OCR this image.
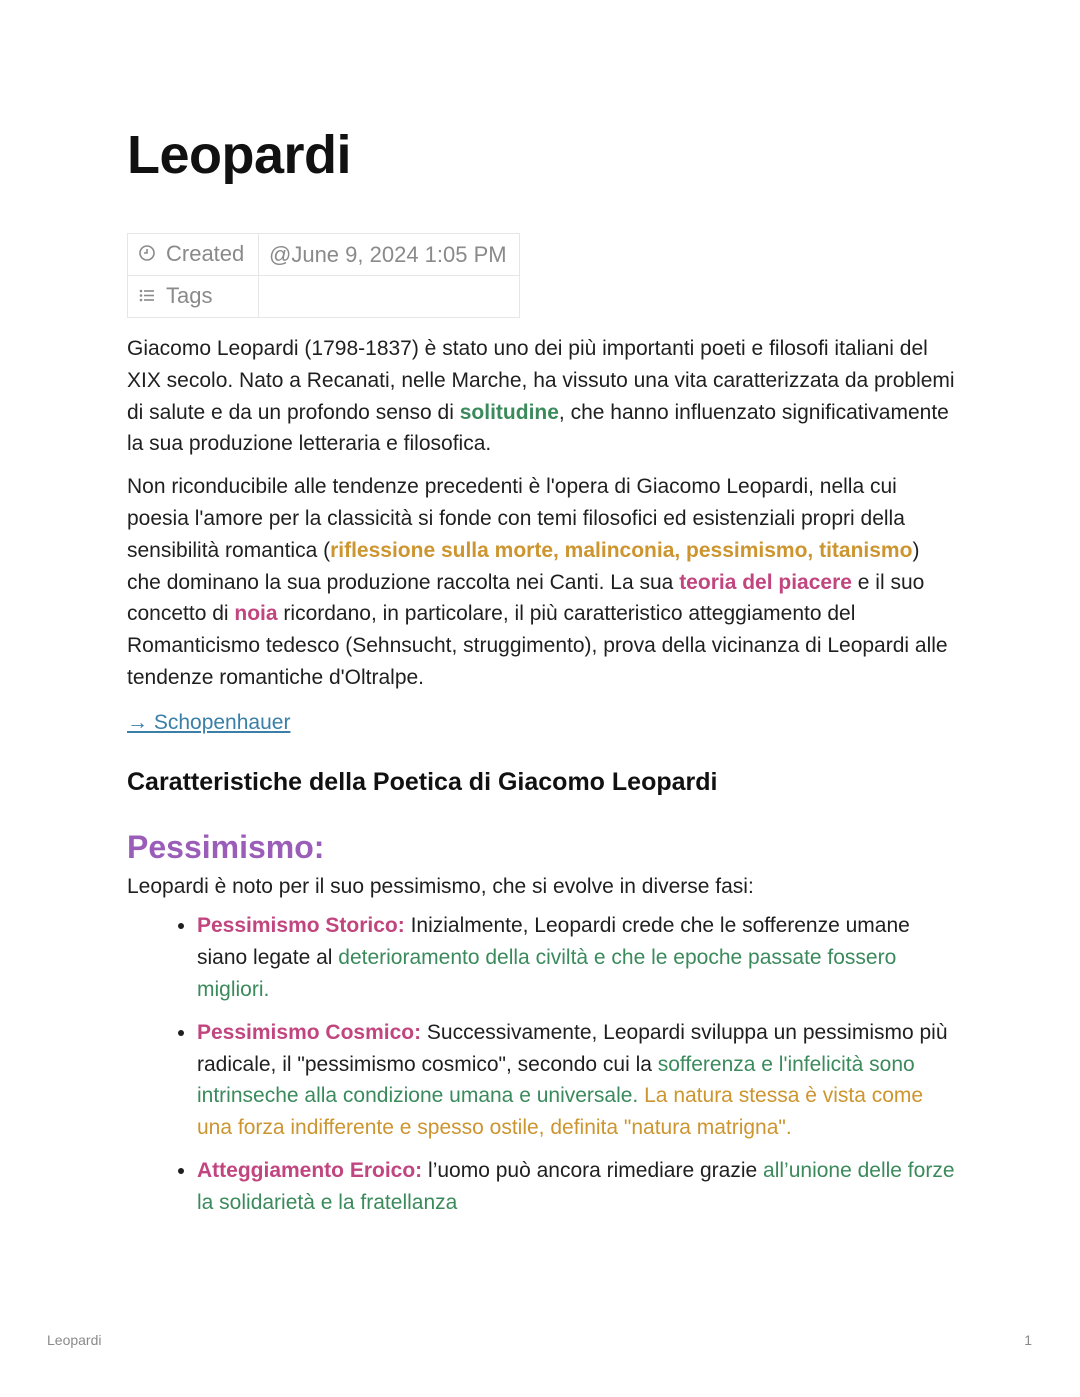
Leopardi
Created	@June 9, 2024 1:05 PM
Tags	

Giacomo Leopardi (1798-1837) è stato uno dei più importanti poeti e filosofi italiani del XIX secolo. Nato a Recanati, nelle Marche, ha vissuto una vita caratterizzata da problemi di salute e da un profondo senso di solitudine, che hanno influenzato significativamente la sua produzione letteraria e filosofica.

Non riconducibile alle tendenze precedenti è l'opera di Giacomo Leopardi, nella cui poesia l'amore per la classicità si fonde con temi filosofici ed esistenziali propri della sensibilità romantica (riflessione sulla morte, malinconia, pessimismo, titanismo) che dominano la sua produzione raccolta nei Canti. La sua teoria del piacere e il suo concetto di noia ricordano, in particolare, il più caratteristico atteggiamento del Romanticismo tedesco (Sehnsucht, struggimento), prova della vicinanza di Leopardi alle tendenze romantiche d'Oltralpe.

→ Schopenhauer
Caratteristiche della Poetica di Giacomo Leopardi
Pessimismo:
Leopardi è noto per il suo pessimismo, che si evolve in diverse fasi:
• Pessimismo Storico: Inizialmente, Leopardi crede che le sofferenze umane siano legate al deterioramento della civiltà e che le epoche passate fossero migliori.
• Pessimismo Cosmico: Successivamente, Leopardi sviluppa un pessimismo più radicale, il "pessimismo cosmico", secondo cui la sofferenza e l'infelicità sono intrinseche alla condizione umana e universale. La natura stessa è vista come una forza indifferente e spesso ostile, definita "natura matrigna".
• Atteggiamento Eroico: l’uomo può ancora rimediare grazie all’unione delle forze la solidarietà e la fratellanza
Leopardi	1
